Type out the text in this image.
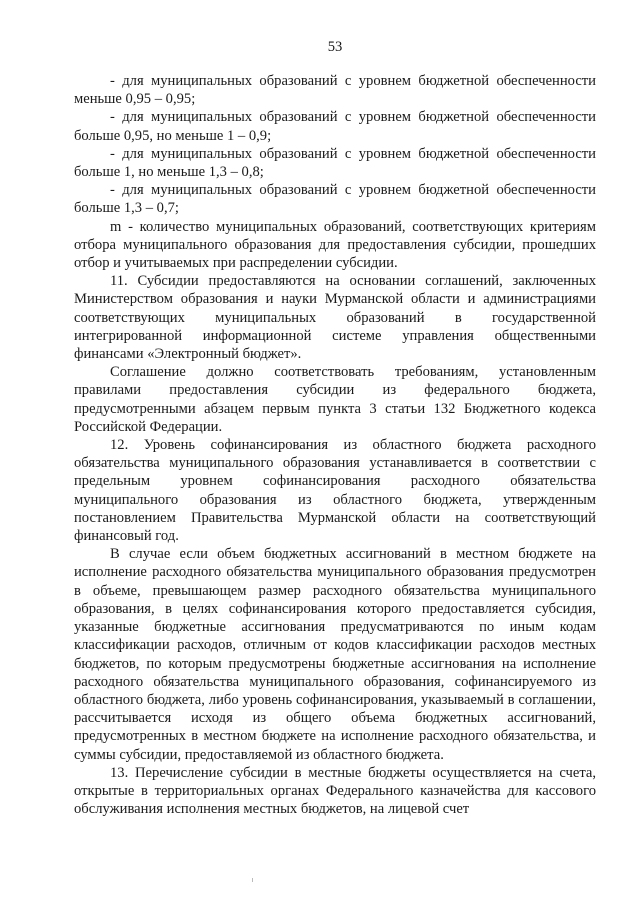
53

- для муниципальных образований с уровнем бюджетной обеспеченности меньше 0,95 – 0,95;

- для муниципальных образований с уровнем бюджетной обеспеченности больше 0,95, но меньше 1 – 0,9;

- для муниципальных образований с уровнем бюджетной обеспеченности больше 1, но меньше 1,3 – 0,8;

- для муниципальных образований с уровнем бюджетной обеспеченности больше 1,3 – 0,7;

m - количество муниципальных образований, соответствующих критериям отбора муниципального образования для предоставления субсидии, прошедших отбор и учитываемых при распределении субсидии.

11. Субсидии предоставляются на основании соглашений, заключенных Министерством образования и науки Мурманской области и администрациями соответствующих муниципальных образований в государственной интегрированной информационной системе управления общественными финансами «Электронный бюджет».

Соглашение должно соответствовать требованиям, установленным правилами предоставления субсидии из федерального бюджета, предусмотренными абзацем первым пункта 3 статьи 132 Бюджетного кодекса Российской Федерации.

12. Уровень софинансирования из областного бюджета расходного обязательства муниципального образования устанавливается в соответствии с предельным уровнем софинансирования расходного обязательства муниципального образования из областного бюджета, утвержденным постановлением Правительства Мурманской области на соответствующий финансовый год.

В случае если объем бюджетных ассигнований в местном бюджете на исполнение расходного обязательства муниципального образования предусмотрен в объеме, превышающем размер расходного обязательства муниципального образования, в целях софинансирования которого предоставляется субсидия, указанные бюджетные ассигнования предусматриваются по иным кодам классификации расходов, отличным от кодов классификации расходов местных бюджетов, по которым предусмотрены бюджетные ассигнования на исполнение расходного обязательства муниципального образования, софинансируемого из областного бюджета, либо уровень софинансирования, указываемый в соглашении, рассчитывается исходя из общего объема бюджетных ассигнований, предусмотренных в местном бюджете на исполнение расходного обязательства, и суммы субсидии, предоставляемой из областного бюджета.

13. Перечисление субсидии в местные бюджеты осуществляется на счета, открытые в территориальных органах Федерального казначейства для кассового обслуживания исполнения местных бюджетов, на лицевой счет
